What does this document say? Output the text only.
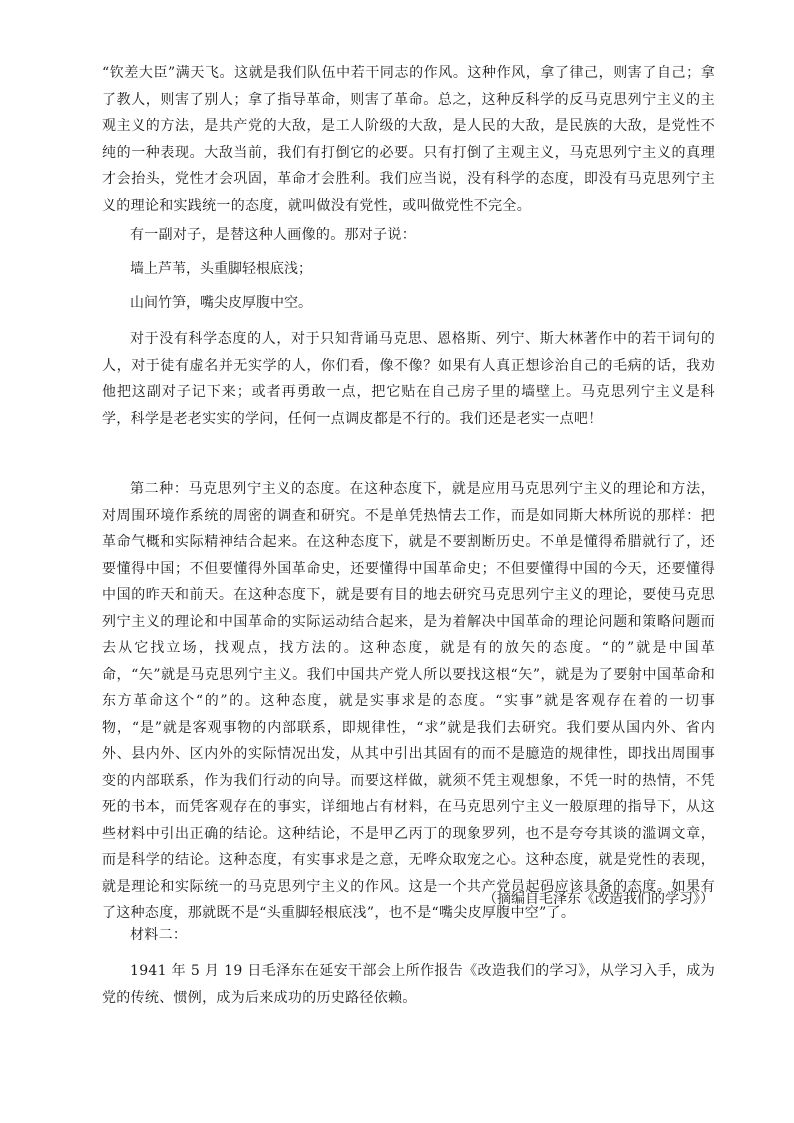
“钦差大臣”满天飞。这就是我们队伍中若干同志的作风。这种作风，拿了律己，则害了自己；拿了教人，则害了别人；拿了指导革命，则害了革命。总之，这种反科学的反马克思列宁主义的主观主义的方法，是共产党的大敌，是工人阶级的大敌，是人民的大敌，是民族的大敌，是党性不纯的一种表现。大敌当前，我们有打倒它的必要。只有打倒了主观主义，马克思列宁主义的真理才会抬头，党性才会巩固，革命才会胜利。我们应当说，没有科学的态度，即没有马克思列宁主义的理论和实践统一的态度，就叫做没有党性，或叫做党性不完全。

有一副对子，是替这种人画像的。那对子说：

墙上芦苇，头重脚轻根底浅；

山间竹笋，嘴尖皮厚腹中空。

对于没有科学态度的人，对于只知背诵马克思、恩格斯、列宁、斯大林著作中的若干词句的人，对于徒有虚名并无实学的人，你们看，像不像？如果有人真正想诊治自己的毛病的话，我劝他把这副对子记下来；或者再勇敢一点，把它贴在自己房子里的墙壁上。马克思列宁主义是科学，科学是老老实实的学问，任何一点调皮都是不行的。我们还是老实一点吧！

第二种：马克思列宁主义的态度。在这种态度下，就是应用马克思列宁主义的理论和方法，对周围环境作系统的周密的调查和研究。不是单凭热情去工作，而是如同斯大林所说的那样：把革命气概和实际精神结合起来。在这种态度下，就是不要割断历史。不单是懂得希腊就行了，还要懂得中国；不但要懂得外国革命史，还要懂得中国革命史；不但要懂得中国的今天，还要懂得中国的昨天和前天。在这种态度下，就是要有目的地去研究马克思列宁主义的理论，要使马克思列宁主义的理论和中国革命的实际运动结合起来，是为着解决中国革命的理论问题和策略问题而去从它找立场，找观点，找方法的。这种态度，就是有的放矢的态度。“的”就是中国革命，“矢”就是马克思列宁主义。我们中国共产党人所以要找这根“矢”，就是为了要射中国革命和东方革命这个“的”的。这种态度，就是实事求是的态度。“实事”就是客观存在着的一切事物，“是”就是客观事物的内部联系，即规律性，“求”就是我们去研究。我们要从国内外、省内外、县内外、区内外的实际情况出发，从其中引出其固有的而不是臆造的规律性，即找出周围事变的内部联系，作为我们行动的向导。而要这样做，就须不凭主观想象，不凭一时的热情，不凭死的书本，而凭客观存在的事实，详细地占有材料，在马克思列宁主义一般原理的指导下，从这些材料中引出正确的结论。这种结论，不是甲乙丙丁的现象罗列，也不是夸夸其谈的滥调文章，而是科学的结论。这种态度，有实事求是之意，无哗众取宠之心。这种态度，就是党性的表现，就是理论和实际统一的马克思列宁主义的作风。这是一个共产党员起码应该具备的态度。如果有了这种态度，那就既不是“头重脚轻根底浅”，也不是“嘴尖皮厚腹中空”了。

（摘编自毛泽东《改造我们的学习》）

材料二：

1941 年 5 月 19 日毛泽东在延安干部会上所作报告《改造我们的学习》，从学习入手，成为党的传统、惯例，成为后来成功的历史路径依赖。
